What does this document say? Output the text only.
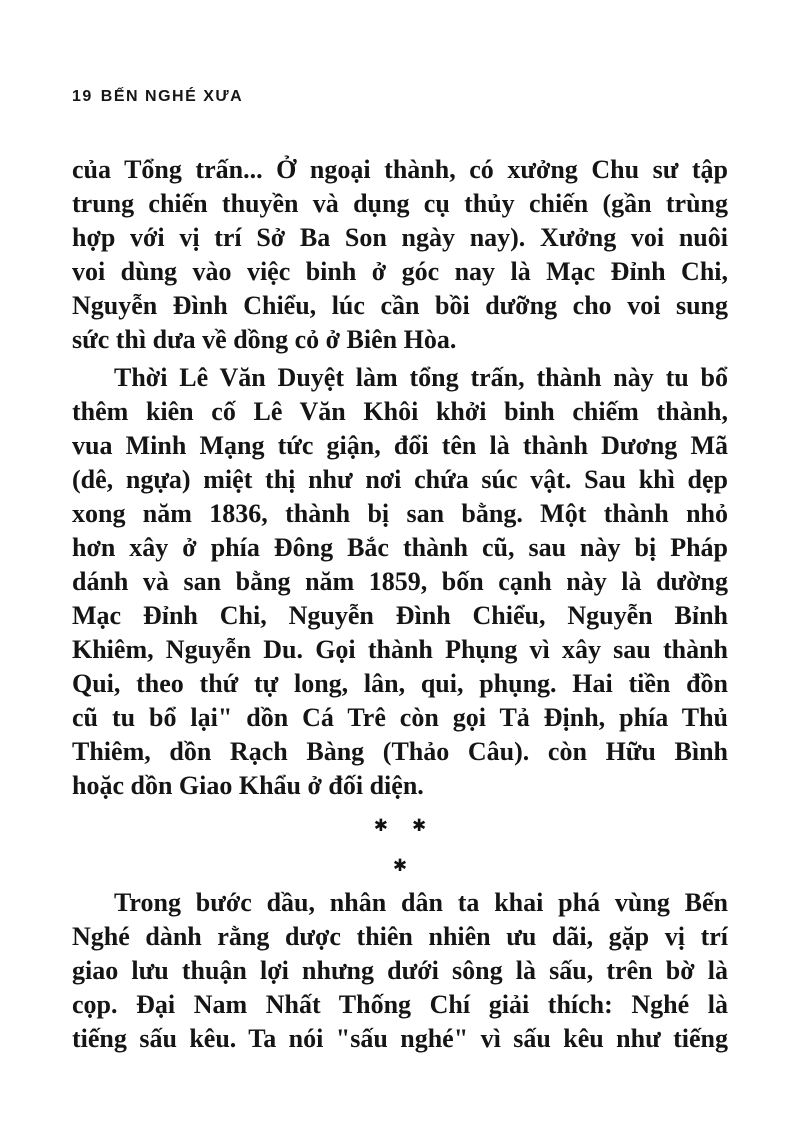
19 BẾN NGHÉ XƯA
của Tổng trấn... Ở ngoại thành, có xưởng Chu sư tập
trung chiến thuyền và dụng cụ thủy chiến (gần trùng
hợp với vị trí Sở Ba Son ngày nay). Xưởng voi nuôi
voi dùng vào việc binh ở góc nay là Mạc Đỉnh Chi,
Nguyễn Đình Chiểu, lúc cần bồi dưỡng cho voi sung
sức thì dưa về dồng cỏ ở Biên Hòa.
Thời Lê Văn Duyệt làm tổng trấn, thành này tu bổ
thêm kiên cố Lê Văn Khôi khởi binh chiếm thành,
vua Minh Mạng tức giận, đổi tên là thành Dương Mã
(dê, ngựa) miệt thị như nơi chứa súc vật. Sau khì dẹp
xong năm 1836, thành bị san bằng. Một thành nhỏ
hơn xây ở phía Đông Bắc thành cũ, sau này bị Pháp
dánh và san bằng năm 1859, bốn cạnh này là dường
Mạc Đỉnh Chi, Nguyễn Đình Chiểu, Nguyễn Bỉnh
Khiêm, Nguyễn Du. Gọi thành Phụng vì xây sau thành
Qui, theo thứ tự long, lân, qui, phụng. Hai tiền đồn
cũ tu bổ lại" dồn Cá Trê còn gọi Tả Định, phía Thủ
Thiêm, dồn Rạch Bàng (Thảo Câu). còn Hữu Bình
hoặc dồn Giao Khẩu ở đối diện.
✱ ✱
✱
Trong bước dầu, nhân dân ta khai phá vùng Bến
Nghé dành rằng dược thiên nhiên ưu dãi, gặp vị trí
giao lưu thuận lợi nhưng dưới sông là sấu, trên bờ là
cọp. Đại Nam Nhất Thống Chí giải thích: Nghé là
tiếng sấu kêu. Ta nói "sấu nghé" vì sấu kêu như tiếng
